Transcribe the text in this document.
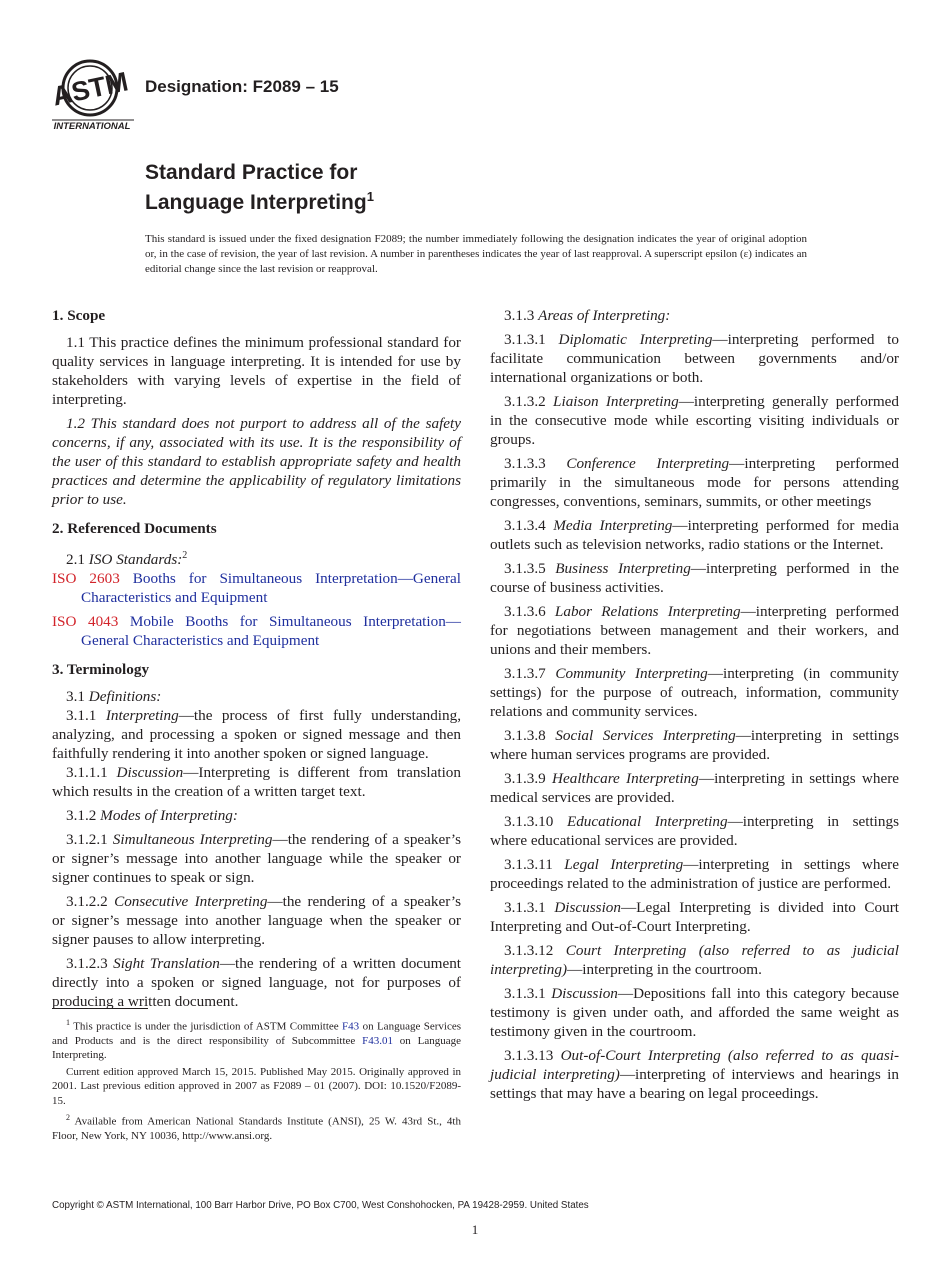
ASTM
INTERNATIONAL
Designation: F2089 – 15
Standard Practice for
Language Interpreting$^1$
This standard is issued under the fixed designation F2089; the number immediately following the designation indicates the year of original adoption or, in the case of revision, the year of last revision. A number in parentheses indicates the year of last reapproval. A superscript epsilon (ε) indicates an editorial change since the last revision or reapproval.
1. Scope

1.1 This practice defines the minimum professional standard for quality services in language interpreting. It is intended for use by stakeholders with varying levels of expertise in the field of interpreting.

1.2 This standard does not purport to address all of the safety concerns, if any, associated with its use. It is the responsibility of the user of this standard to establish appropriate safety and health practices and determine the applicability of regulatory limitations prior to use.

2. Referenced Documents

2.1 ISO Standards:$^2$

ISO 2603 Booths for Simultaneous Interpretation—General Characteristics and Equipment

ISO 4043 Mobile Booths for Simultaneous Interpretation—General Characteristics and Equipment

3. Terminology

3.1 Definitions:

3.1.1 Interpreting—the process of first fully understanding, analyzing, and processing a spoken or signed message and then faithfully rendering it into another spoken or signed language.

3.1.1.1 Discussion—Interpreting is different from translation which results in the creation of a written target text.

3.1.2 Modes of Interpreting:

3.1.2.1 Simultaneous Interpreting—the rendering of a speaker’s or signer’s message into another language while the speaker or signer continues to speak or sign.

3.1.2.2 Consecutive Interpreting—the rendering of a speaker’s or signer’s message into another language when the speaker or signer pauses to allow interpreting.

3.1.2.3 Sight Translation—the rendering of a written document directly into a spoken or signed language, not for purposes of producing a written document.

$^1$ This practice is under the jurisdiction of ASTM Committee F43 on Language Services and Products and is the direct responsibility of Subcommittee F43.01 on Language Interpreting.

Current edition approved March 15, 2015. Published May 2015. Originally approved in 2001. Last previous edition approved in 2007 as F2089 – 01 (2007). DOI: 10.1520/F2089-15.

$^2$ Available from American National Standards Institute (ANSI), 25 W. 43rd St., 4th Floor, New York, NY 10036, http://www.ansi.org.

3.1.3 Areas of Interpreting:

3.1.3.1 Diplomatic Interpreting—interpreting performed to facilitate communication between governments and/or international organizations or both.

3.1.3.2 Liaison Interpreting—interpreting generally performed in the consecutive mode while escorting visiting individuals or groups.

3.1.3.3 Conference Interpreting—interpreting performed primarily in the simultaneous mode for persons attending congresses, conventions, seminars, summits, or other meetings

3.1.3.4 Media Interpreting—interpreting performed for media outlets such as television networks, radio stations or the Internet.

3.1.3.5 Business Interpreting—interpreting performed in the course of business activities.

3.1.3.6 Labor Relations Interpreting—interpreting performed for negotiations between management and their workers, and unions and their members.

3.1.3.7 Community Interpreting—interpreting (in community settings) for the purpose of outreach, information, community relations and community services.

3.1.3.8 Social Services Interpreting—interpreting in settings where human services programs are provided.

3.1.3.9 Healthcare Interpreting—interpreting in settings where medical services are provided.

3.1.3.10 Educational Interpreting—interpreting in settings where educational services are provided.

3.1.3.11 Legal Interpreting—interpreting in settings where proceedings related to the administration of justice are performed.

3.1.3.1 Discussion—Legal Interpreting is divided into Court Interpreting and Out-of-Court Interpreting.

3.1.3.12 Court Interpreting (also referred to as judicial interpreting)—interpreting in the courtroom.

3.1.3.1 Discussion—Depositions fall into this category because testimony is given under oath, and afforded the same weight as testimony given in the courtroom.

3.1.3.13 Out-of-Court Interpreting (also referred to as quasi-judicial interpreting)—interpreting of interviews and hearings in settings that may have a bearing on legal proceedings.

Copyright © ASTM International, 100 Barr Harbor Drive, PO Box C700, West Conshohocken, PA 19428-2959. United States
1
